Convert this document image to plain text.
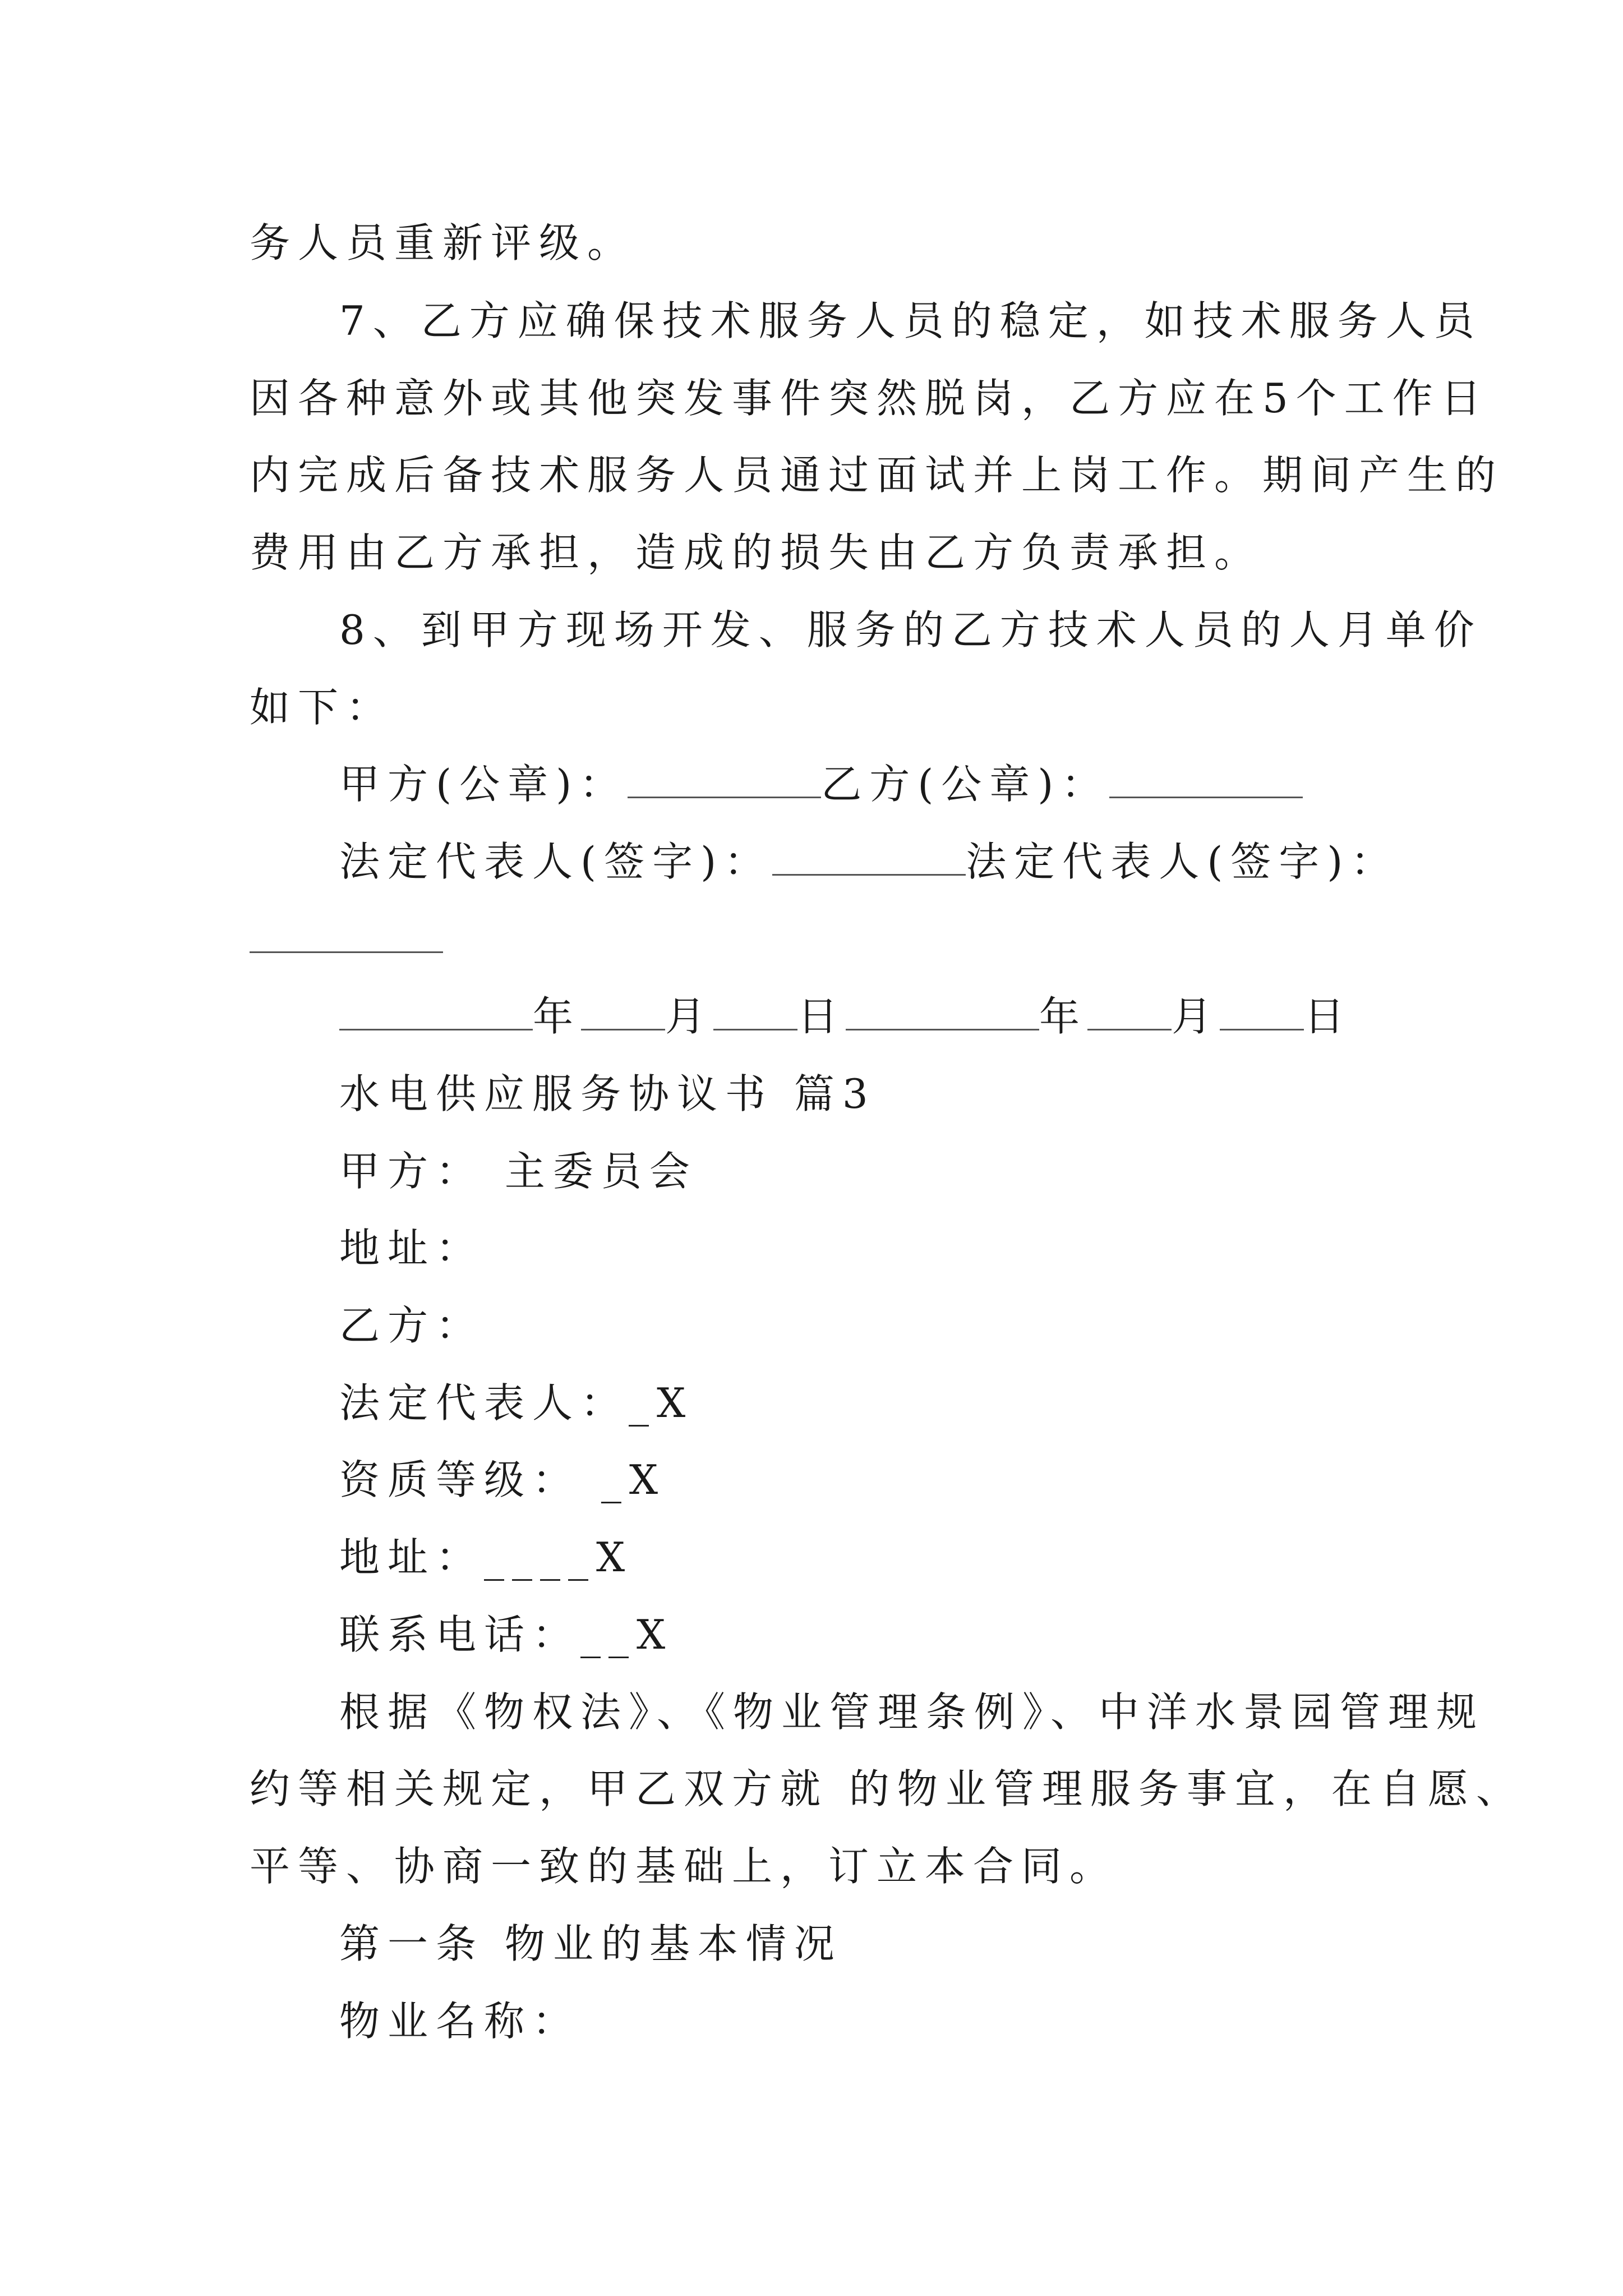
务人员重新评级。
7、乙方应确保技术服务人员的稳定，如技术服务人员
因各种意外或其他突发事件突然脱岗，乙方应在5个工作日
内完成后备技术服务人员通过面试并上岗工作。期间产生的
费用由乙方承担，造成的损失由乙方负责承担。
8、到甲方现场开发、服务的乙方技术人员的人月单价
如下：
甲方(公章)：	乙方(公章)：
法定代表人(签字)：	法定代表人(签字)：
年 月 日	年 月 日
水电供应服务协议书 篇3
甲方： 主委员会
地址：
乙方：
法定代表人：_X
资质等级： _X
地址：____X
联系电话：__X
根据《物权法》、《物业管理条例》、中洋水景园管理规
约等相关规定，甲乙双方就 的物业管理服务事宜，在自愿、
平等、协商一致的基础上，订立本合同。
第一条 物业的基本情况
物业名称：
